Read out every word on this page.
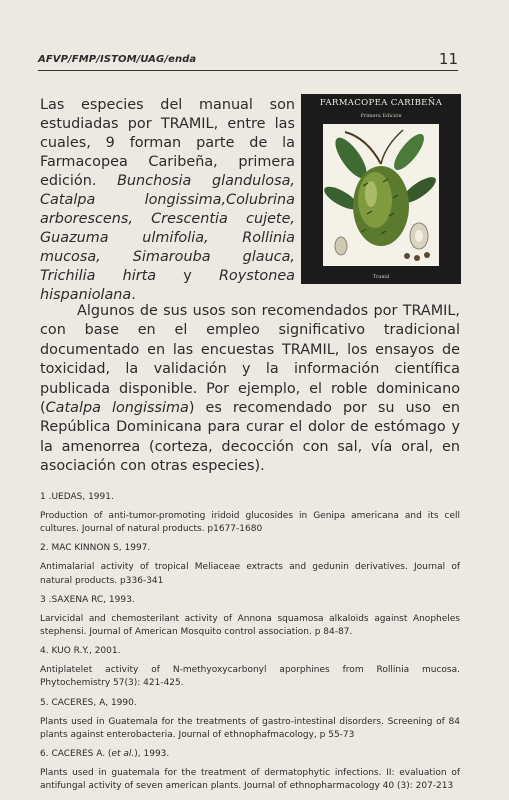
AFVP/FMP/ISTOM/UAG/enda	11

Las especies del manual son estudiadas por TRAMIL, entre las cuales, 9 forman parte de la Farmacopea Caribeña, primera edición. Bunchosia glandulosa, Catalpa longissima,Colubrina arborescens, Crescentia cujete, Guazuma ulmifolia, Rollinia mucosa, Simarouba glauca, Trichilia hirta y Roystonea hispaniolana.

FARMACOPEA CARIBEÑA
Primera Edición
Tramil

Algunos de sus usos son recomendados por TRAMIL, con base en el empleo significativo tradicional documentado en las encuestas TRAMIL, los ensayos de toxicidad, la validación y la información científica publicada disponible. Por ejemplo, el roble dominicano (Catalpa longissima) es recomendado por su uso en República Dominicana para curar el dolor de estómago y la amenorrea (corteza, decocción con sal, vía oral, en asociación con otras especies).

1 .UEDAS, 1991.

Production of anti-tumor-promoting iridoid glucosides in Genipa americana and its cell cultures. Journal of natural products. p1677-1680

2. MAC KINNON S, 1997.

Antimalarial activity of tropical Meliaceae extracts and gedunin derivatives. Journal of natural products. p336-341

3 .SAXENA RC, 1993.

Larvicidal and chemosterilant activity of Annona squamosa alkaloids against Anopheles stephensi. Journal of American Mosquito control association. p 84-87.

4. KUO R.Y., 2001.

Antiplatelet activity of N-methyoxycarbonyl aporphines from Rollinia mucosa. Phytochemistry 57(3): 421-425.

5. CACERES, A, 1990.

Plants used in Guatemala for the treatments of gastro-intestinal disorders. Screening of 84 plants against enterobacteria. Journal of ethnophafmacology, p 55-73

6. CACERES A. (et al.), 1993.

Plants used in guatemala for the treatment of dermatophytic infections. II: evaluation of antifungal activity of seven american plants. Journal of ethnopharmacology 40 (3): 207-213
